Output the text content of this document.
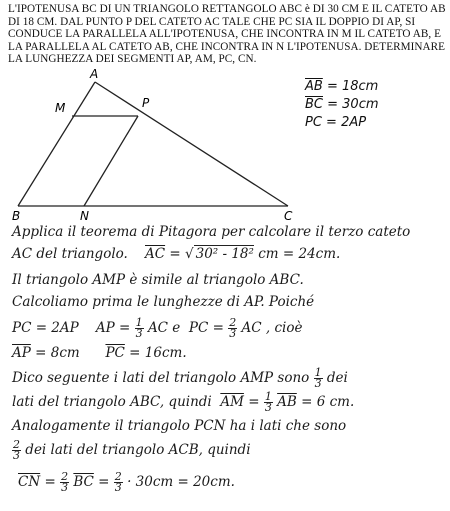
L'IPOTENUSA BC DI UN TRIANGOLO RETTANGOLO ABC è DI 30 CM E IL CATETO AB
DI 18 CM. DAL PUNTO P DEL CATETO AC TALE CHE PC SIA IL DOPPIO DI AP, SI
CONDUCE LA PARALLELA ALL'IPOTENUSA, CHE INCONTRA IN M IL CATETO AB, E
LA PARALLELA AL CATETO AB, CHE INCONTRA IN N L'IPOTENUSA. DETERMINARE
LA LUNGHEZZA DEI SEGMENTI AP, AM, PC, CN.
A
M	P
B	N	C
$\overline{AB} = 18cm$
$\overline{BC} = 30cm$
PC = 2AP
Applica il teorema di Pitagora per calcolare il terzo cateto
AC del triangolo. $\overline{AC}$ = √ 30² - 18² cm = 24cm.
Il triangolo AMP è simile al triangolo ABC.
Calcoliamo prima le lunghezze di AP. Poiché
PC = 2AP AP = $\frac{1}{3}$ AC e PC = $\frac{2}{3}$ AC , cioè
$\overline{AP} = 8cm$ $\overline{PC} = 16cm$.
Dico seguente i lati del triangolo AMP sono $\frac{1}{3}$ dei
lati del triangolo ABC, quindi $\overline{AM} = \frac{1}{3} \overline{AB} = 6$ cm.
Analogamente il triangolo PCN ha i lati che sono
$\frac{2}{3}$ dei lati del triangolo ACB, quindi
$\overline{CN} = \frac{2}{3} \overline{BC} = \frac{2}{3} \cdot 30cm = 20cm$.
